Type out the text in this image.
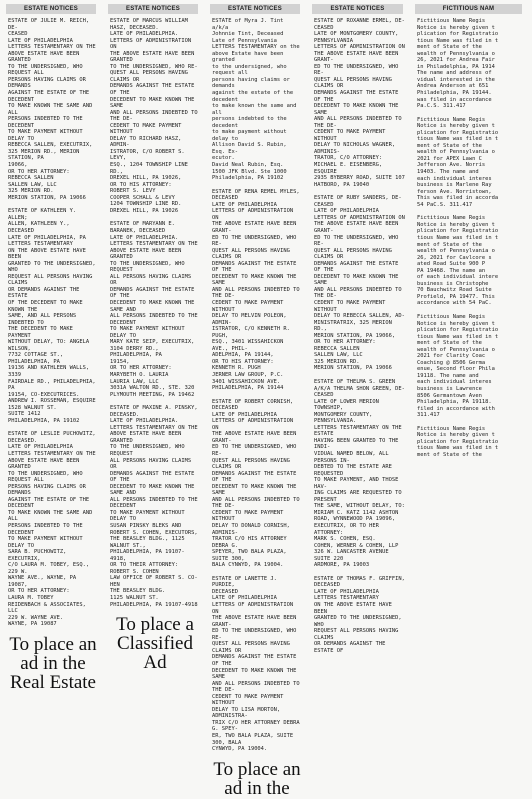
ESTATE NOTICES
ESTATE OF JULIE M. REICH, DE-
CEASED
LATE OF PHILADELPHIA
LETTERS TESTAMENTARY ON THE
ABOVE ESTATE HAVE BEEN GRANTED
TO THE UNDERSIGNED, WHO REQUEST ALL
PERSONS HAVING CLAIMS OR DEMANDS
AGAINST THE ESTATE OF THE DECEDENT
TO MAKE KNOWN THE SAME AND ALL
PERSONS INDEBTED TO THE DECEDENT
TO MAKE PAYMENT WITHOUT DELAY TO
REBECCA SALLEN, EXECUTRIX,
325 MERION RD., MERION STATION, PA
19066,
OR TO HER ATTORNEY:
REBECCA SALLEN
SALLEN LAW, LLC
325 MERION RD.
MERION STATION, PA 19066
ESTATE OF KATHLEEN Y. ALLEN;
ALLEN, KATHLEEN Y., DECEASED
LATE OF PHILADELPHIA, PA
LETTERS TESTAMENTARY
ON THE ABOVE ESTATE HAVE BEEN
GRANTED TO THE UNDERSIGNED, WHO
REQUEST ALL PERSONS HAVING CLAIMS
OR DEMANDS AGAINST THE ESTATE
OF THE DECEDENT TO MAKE KNOWN THE
SAME, AND ALL PERSONS INDEBTED TO
THE DECEDENT TO MAKE PAYMENT
WITHOUT DELAY, TO: ANGELA WILSON,
7732 COTTAGE ST., PHILADELPHIA, PA
19136 AND KATHLEEN WALLS, 3339
FAIRDALE RD., PHILADELPHIA, PA
19154, CO-EXECUTRICES.
ANDREW I. ROSSEMAN, ESQUIRE
1528 WALNUT ST.
SUITE 1412
PHILADELPHIA, PA 19102
ESTATE OF LESLIE PUCHOWITZ,
DECEASED.
LATE OF PHILADELPHIA
LETTERS TESTAMENTARY ON THE
ABOVE ESTATE HAVE BEEN GRANTED
TO THE UNDERSIGNED, WHO REQUEST ALL
PERSONS HAVING CLAIMS OR DEMANDS
AGAINST THE ESTATE OF THE DECEDENT
TO MAKE KNOWN THE SAME AND ALL
PERSONS INDEBTED TO THE DECEDENT
TO MAKE PAYMENT WITHOUT DELAY TO
SARA B. PUCHOWITZ, EXECUTRIX,
C/O LAURA M. TOBEY, ESQ., 229 W.
WAYNE AVE., WAYNE, PA 19087,
OR TO HER ATTORNEY:
LAURA M. TOBEY
REIDENBACH & ASSOCIATES, LLC
229 W. WAYNE AVE.
WAYNE, PA 19087
To place an ad in the Real Estate
ESTATE NOTICES
ESTATE OF MARCUS WILLIAM
HASZ, DECEASED.
LATE OF PHILADELPHIA.
LETTERS OF ADMINISTRATION ON
THE ABOVE ESTATE HAVE BEEN GRANTED
TO THE UNDERSIGNED, WHO RE-
QUEST ALL PERSONS HAVING CLAIMS OR
DEMANDS AGAINST THE ESTATE OF THE
DECEDENT TO MAKE KNOWN THE SAME
AND ALL PERSONS INDEBTED TO THE DE-
CEDENT TO MAKE PAYMENT WITHOUT
DELAY TO RICHARD HASZ, ADMIN-
ISTRATOR, C/O ROBERT S. LEVY,
ESQ., 1204 TOWNSHIP LINE RD.,
DREXEL HILL, PA 19026,
OR TO HIS ATTORNEY:
ROBERT S. LEVY
COOPER SCHALL & LEVY
1204 TOWNSHIP LINE RD.
DREXEL HILL, PA 19026
ESTATE OF MARYANN E.
BARANEK, DECEASED
LATE OF PHILADELPHIA.
LETTERS TESTAMENTARY ON THE
ABOVE ESTATE HAVE BEEN GRANTED
TO THE UNDERSIGNED, WHO REQUEST
ALL PERSONS HAVING CLAIMS OR
DEMANDS AGAINST THE ESTATE OF THE
DECEDENT TO MAKE KNOWN THE SAME AND
ALL PERSONS INDEBTED TO THE DECEDENT
TO MAKE PAYMENT WITHOUT DELAY TO
MARY KATE SEIP, EXECUTRIX,
3104 DERRY RD., PHILADELPHIA, PA
19154,
OR TO HER ATTORNEY:
MARYBETH O. LAURIA
LAURIA LAW, LLC
3031A WALTON RD., STE. 320
PLYMOUTH MEETING, PA 19462
ESTATE OF MAXINE A. PINSKY,
DECEASED.
LATE OF PHILADELPHIA.
LETTERS TESTAMENTARY ON THE
ABOVE ESTATE HAVE BEEN GRANTED
TO THE UNDERSIGNED, WHO REQUEST
ALL PERSONS HAVING CLAIMS OR
DEMANDS AGAINST THE ESTATE OF THE
DECEDENT TO MAKE KNOWN THE SAME AND
ALL PERSONS INDEBTED TO THE DECEDENT
TO MAKE PAYMENT WITHOUT DELAY TO
SUSAN PINSKY BLEKS AND
ROBERT S. COHEN, EXECUTORS,
THE BEASLEY BLDG., 1125 WALNUT ST.,
PHILADELPHIA, PA 19107-4918,
OR TO THEIR ATTORNEY:
ROBERT S. COHEN
LAW OFFICE OF ROBERT S. CO-
HEN
THE BEASLEY BLDG.
1125 WALNUT ST.
PHILADELPHIA, PA 19107-4918
To place a Classified Ad
ESTATE NOTICES
ESTATE of Myra J. Tint a/k/a
Johnnie Tint, Deceased
Late of Pennsylvania
LETTERS TESTAMENTARY on the
above Estate have been granted
to the undersigned, who request all
persons having claims or demands
against the estate of the decedent
to make known the same and all
persons indebted to the decedent
to make payment without delay to
Allison David S. Rubin, Esq. Ex-
ecutor.
David Neal Rubin, Esq.
1500 JFK Blvd. Ste 1000
Philadelphia, PA 19102
ESTATE OF RENA REMEL MYLES,
DECEASED
LATE OF PHILADELPHIA
LETTERS OF ADMINISTRATION ON
THE ABOVE ESTATE HAVE BEEN GRANT-
ED TO THE UNDERSIGNED, WHO RE-
QUEST ALL PERSONS HAVING CLAIMS OR
DEMANDS AGAINST THE ESTATE OF THE
DECEDENT TO MAKE KNOWN THE SAME
AND ALL PERSONS INDEBTED TO THE DE-
CEDENT TO MAKE PAYMENT WITHOUT
DELAY TO MELVIN POLEON, ADMIN-
ISTRATOR, C/O KENNETH R. PUGH,
ESQ., 3401 WISSAHICKON AVE., PHIL-
ADELPHIA, PA 19144,
OR TO HIS ATTORNEY:
KENNETH R. PUGH
JERNER LAW GROUP, P.C.
3401 WISSAHICKON AVE.
PHILADELPHIA, PA 19144
ESTATE OF ROBERT CORNISH,
DECEASED
LATE OF PHILADELPHIA
LETTERS OF ADMINISTRATION ON
THE ABOVE ESTATE HAVE BEEN GRANT-
ED TO THE UNDERSIGNED, WHO RE-
QUEST ALL PERSONS HAVING CLAIMS OR
DEMANDS AGAINST THE ESTATE OF THE
DECEDENT TO MAKE KNOWN THE SAME
AND ALL PERSONS INDEBTED TO THE DE-
CEDENT TO MAKE PAYMENT WITHOUT
DELAY TO DONALD CORNISH, ADMINIS-
TRATOR C/O HIS ATTORNEY DEBRA G.
SPEYER, TWO BALA PLAZA, SUITE 300,
BALA CYNWYD, PA 19004.
ESTATE OF LANETTE J. PURDIE,
DECEASED
LATE OF PHILADELPHIA
LETTERS OF ADMINISTRATION ON
THE ABOVE ESTATE HAVE BEEN GRANT-
ED TO THE UNDERSIGNED, WHO RE-
QUEST ALL PERSONS HAVING CLAIMS OR
DEMANDS AGAINST THE ESTATE OF THE
DECEDENT TO MAKE KNOWN THE SAME
AND ALL PERSONS INDEBTED TO THE DE-
CEDENT TO MAKE PAYMENT WITHOUT
DELAY TO LISA MORTON, ADMINISTRA-
TRIX C/O HER ATTORNEY DEBRA G. SPEY-
ER, TWO BALA PLAZA, SUITE 300, BALA
CYNWYD, PA 19004.
To place an ad in the
ESTATE NOTICES
ESTATE OF ROXANNE ERMEL, DE-
CEASED
LATE OF MONTGOMERY COUNTY,
PENNSYLVANIA
LETTERS OF ADMINISTRATION ON
THE ABOVE ESTATE HAVE BEEN GRANT-
ED TO THE UNDERSIGNED, WHO RE-
QUEST ALL PERSONS HAVING CLAIMS OR
DEMANDS AGAINST THE ESTATE OF THE
DECEDENT TO MAKE KNOWN THE SAME
AND ALL PERSONS INDEBTED TO THE DE-
CEDENT TO MAKE PAYMENT WITHOUT
DELAY TO NICHOLAS WAGNER, ADMINIS-
TRATOR, C/O ATTORNEY:
MICHAEL E. EISENBERG, ESQUIRE
2935 BYBERRY ROAD, SUITE 107
HATBORO, PA 19040
ESTATE OF RUBY SANDERS, DE-
CEASED
LATE OF PHILADELPHIA
LETTERS OF ADMINISTRATION ON
THE ABOVE ESTATE HAVE BEEN GRANT-
ED TO THE UNDERSIGNED, WHO RE-
QUEST ALL PERSONS HAVING CLAIMS OR
DEMANDS AGAINST THE ESTATE OF THE
DECEDENT TO MAKE KNOWN THE SAME
AND ALL PERSONS INDEBTED TO THE DE-
CEDENT TO MAKE PAYMENT WITHOUT
DELAY TO REBECCA SALLEN, AD-
MINISTRATRIX, 325 MERION RD.,
MERION STATION, PA 19066,
OR TO HER ATTORNEY:
REBECCA SALLEN
SALLEN LAW, LLC
325 MERION RD.
MERION STATION, PA 19066
ESTATE OF THELMA S. GREEN
A/K/A THELMA SHON GREEN, DE-
CEASED
LATE OF LOWER MERION TOWNSHIP,
MONTGOMERY COUNTY, PENNSYLVANIA.
LETTERS TESTAMENTARY ON THE ESTATE
HAVING BEEN GRANTED TO THE INDI-
VIDUAL NAMED BELOW, ALL PERSONS IN-
DEBTED TO THE ESTATE ARE REQUESTED
TO MAKE PAYMENT, AND THOSE HAV-
ING CLAIMS ARE REQUESTED TO PRESENT
THE SAME, WITHOUT DELAY, TO:
MIRIAM C. KATZ 1142 ASHTON
ROAD, WYNNEWOOD PA 19096,
EXECUTRIX, OR TO HER ATTORNEY:
MARK S. COHEN, ESQ.
COHEN, WERNER & COHEN, LLP
326 W. LANCASTER AVENUE
SUITE 220
ARDMORE, PA 19003
ESTATE OF THOMAS F. GRIFFIN,
DECEASED
LATE OF PHILADELPHIA
LETTERS TESTAMENTARY
ON THE ABOVE ESTATE HAVE BEEN
GRANTED TO THE UNDERSIGNED, WHO
REQUEST ALL PERSONS HAVING CLAIMS
OR DEMANDS AGAINST THE ESTATE OF
FICTITIOUS NAM
Fictitious Name Regis
Notice is hereby given t
plication for Registratio
tious Name was filed in t
ment of State of the
wealth of Pennsylvania o
26, 2021 for Andrea Fair
in Philadelphia, PA 1914
The name and address of
vidual interested in the
Andrea Anderson at 651
Philadelphia, PA 19144.
was filed in accordance
Pa.C.S. 311.417
Fictitious Name Regis
Notice is hereby given t
plication for Registratio
tious Name was filed in t
ment of State of the
wealth of Pennsylvania o
2021 for APEX Lawn C
Jefferson Ave. Norris
19403. The name and
each individual interes
business is Marlene Ray
ferson Ave. Norristown,
This was filed in accorda
54 PaC.S. 311.417
Fictitious Name Regis
Notice is hereby given t
plication for Registratio
tious Name was filed in t
ment of State of the
wealth of Pennsylvania o
26, 2021 for Cavlcore s
ated Road Suite 900 P
PA 19468. The name an
of each individual intere
business is Christophe
70 Bauchwitz Road Suite
Profield, PA 19477. This
accordance with 54 PaC.
Fictitious Name Regis
Notice is hereby given t
plication for Registratio
tious Name was filed in t
ment of State of the
wealth of Pennsylvania o
2021 for Clarity Coac
Coaching @ 8506 Germa
enue, Second floor Phila
19118. The name and
each individual interes
business is Lawrence
8506 Germantown Aven
Philadelphia, PA 19118.
filed in accordance with
311.417
Fictitious Name Regis
Notice is hereby given t
plication for Registratio
tious Name was filed in t
ment of State of the
